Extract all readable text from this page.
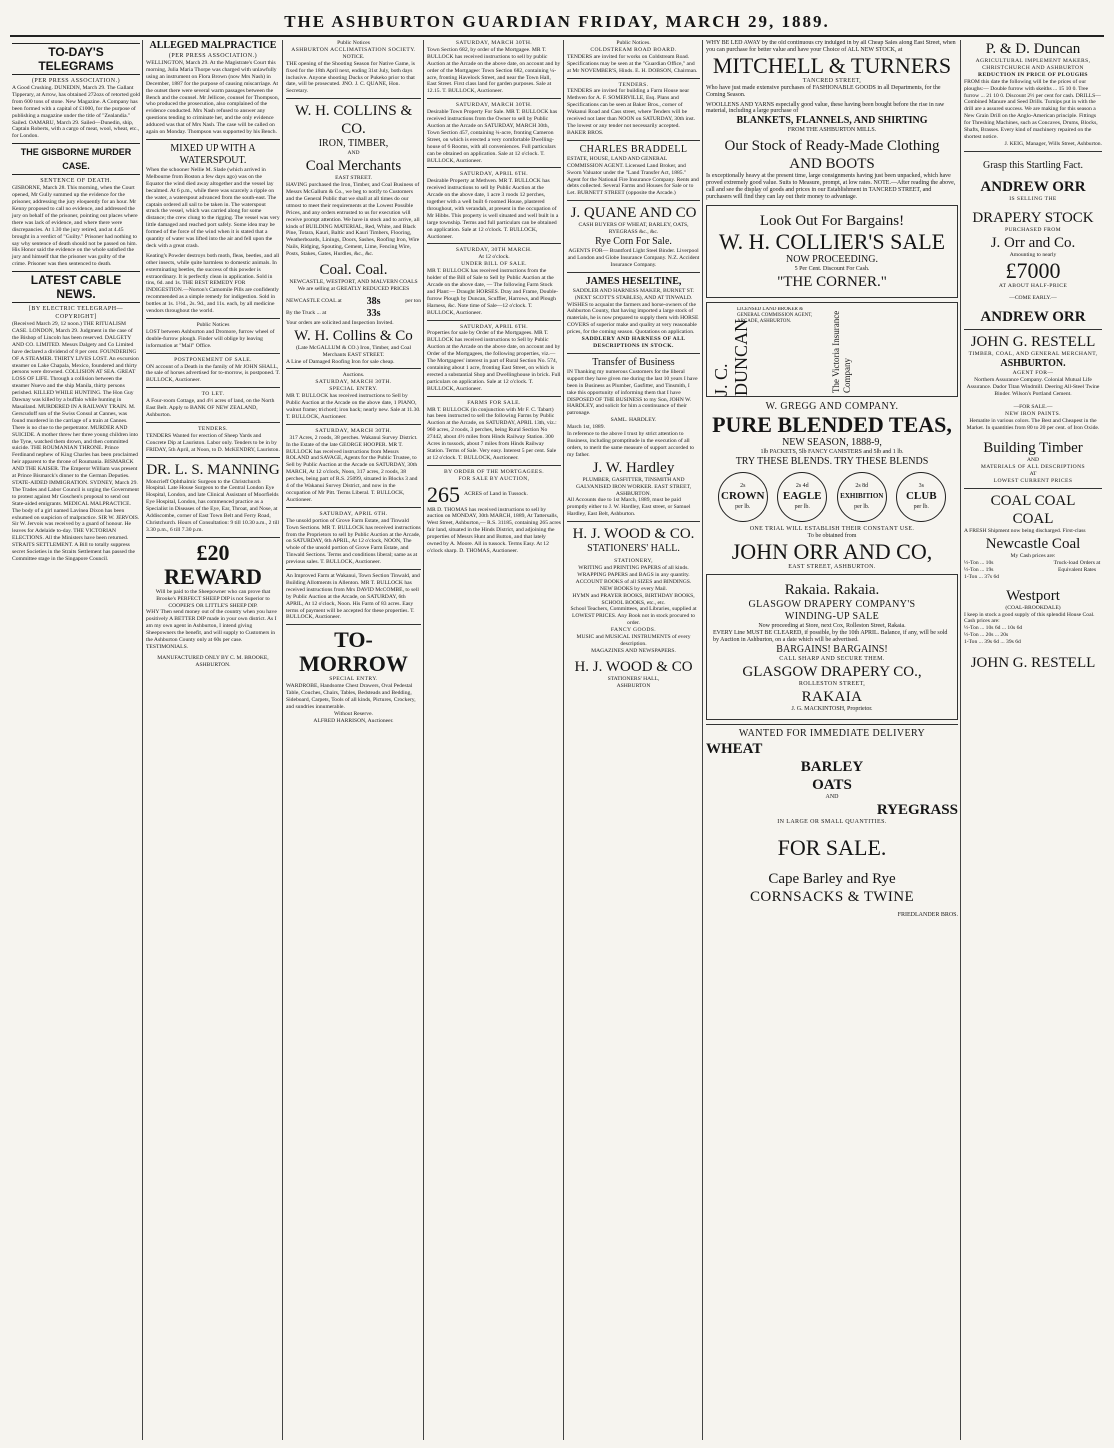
THE ASHBURTON GUARDIAN FRIDAY, MARCH 29, 1889.
TO-DAY'S TELEGRAMS
(PER PRESS ASSOCIATION.)

A Good Crushing. DUNEDIN, March 29. The Gallant Tipperary, at Arrow, has obtained 272ozs of retorted gold from 600 tons of stone. New Magazine. A Company has been formed with a capital of £1000, for the purpose of publishing a magazine under the title of "Zealandia." Sailed. OAMARU, March 29. Sailed—Dunedin, ship, Captain Roberts, with a cargo of meat, wool, wheat, etc., for London.

THE GISBORNE MURDER CASE.
SENTENCE OF DEATH.

GISBORNE, March 28. This morning, when the Court opened, Mr Gully summed up the evidence for the prisoner, addressing the jury eloquently for an hour. Mr Kenny proposed to call no evidence, and addressed the jury on behalf of the prisoner, pointing out places where there was lack of evidence, and where there were discrepancies. At 1.30 the jury retired, and at 4.45 brought in a verdict of "Guilty." Prisoner had nothing to say why sentence of death should not be passed on him. His Honor said the evidence on the whole satisfied the jury and himself that the prisoner was guilty of the crime. Prisoner was then sentenced to death.

LATEST CABLE NEWS.
[BY ELECTRIC TELEGRAPH—COPYRIGHT]

(Received March 29, 12 noon.) THE RITUALISM CASE. LONDON, March 29. Judgment in the case of the Bishop of Lincoln has been reserved. DALGETY AND CO. LIMITED. Messrs Dalgety and Co Limited have declared a dividend of 8 per cent. FOUNDERING OF A STEAMER. THIRTY LIVES LOST. An excursion steamer on Lake Chapala, Mexico, foundered and thirty persons were drowned. COLLISION AT SEA. GREAT LOSS OF LIFE. Through a collision between the steamer Nuevo and the ship Manila, thirty persons perished. KILLED WHILE HUNTING. The Hon Guy Dawnay was killed by a buffalo while hunting in Masailand. MURDERED IN A RAILWAY TRAIN. M. Gerscudoff son of the Swiss Consul at Cannes, was found murdered in the carriage of a train at Cannes. There is no clue to the perpetrator. MURDER AND SUICIDE. A mother threw her three young children into the Tyne, watched them drown, and then committed suicide. THE ROUMANIAN THRONE. Prince Ferdinand nephew of King Charles has been proclaimed heir apparent to the throne of Roumania. BISMARCK AND THE KAISER. The Emperor William was present at Prince Bismarck's dinner to the German Deputies. STATE-AIDED IMMIGRATION. SYDNEY, March 29. The Trades and Labor Council is urging the Government to protest against Mr Goschen's proposal to send out State-aided emigrants. MEDICAL MALPRACTICE. The body of a girl named Lavinea Dixon has been exhumed on suspicion of malpractice. SIR W. JERVOIS. Sir W. Jervois was received by a guard of honour. He leaves for Adelaide to-day. THE VICTORIAN ELECTIONS. All the Ministers have been returned. STRAITS SETTLEMENT. A Bill to totally suppress secret Societies in the Straits Settlement has passed the Committee stage in the Singapore Council.

ALLEGED MALPRACTICE
(PER PRESS ASSOCIATION.)

WELLINGTON, March 29. At the Magistrate's Court this morning, Julia Maria Thorpe was charged with unlawfully using an instrument on Flora Brown (now Mrs Nash) in December, 1887 for the purpose of causing miscarriage. At the outset there were several warm passages between the Bench and the counsel. Mr Jellicoe, counsel for Thompson, who produced the prosecution, also complained of the evidence conducted. Mrs Nash refused to answer any questions tending to criminate her, and the only evidence adduced was that of Mrs Nash. The case will be called on again on Monday. Thompson was supported by his Bench.

MIXED UP WITH A WATERSPOUT.

When the schooner Nellie M. Slade (which arrived in Melbourne from Boston a few days ago) was on the Equator the wind died away altogether and the vessel lay becalmed. At 6 p.m., while there was scarcely a ripple on the water, a waterspout advanced from the south-east. The captain ordered all sail to be taken in. The waterspout struck the vessel, which was carried along for some distance; the crew clung to the rigging. The vessel was very little damaged and reached port safely. Some idea may be formed of the force of the wind when it is stated that a quantity of water was lifted into the air and fell upon the deck with a great crash.

Keating's Powder destroys both moth, fleas, beetles, and all other insects, while quite harmless to domestic animals. In exterminating beetles, the success of this powder is extraordinary. It is perfectly clean in application. Sold in tins, 6d. and 1s. THE BEST REMEDY FOR INDIGESTION.—Norton's Camomile Pills are confidently recommended as a simple remedy for indigestion. Sold in bottles at 1s. 1½d., 2s. 9d., and 11s. each, by all medicine vendors throughout the world.

Public Notices

LOST between Ashburton and Dromore, furrow wheel of double-furrow plough. Finder will oblige by leaving information at "Mail" Office.

POSTPONEMENT OF SALE.

ON account of a Death in the family of Mr JOHN SHALL, the sale of horses advertised for to-morrow, is postponed. T. BULLOCK, Auctioneer.

TO LET.

A Four-room Cottage, and 4½ acres of land, on the North East Belt. Apply to BANK OF NEW ZEALAND, Ashburton.

TENDERS.

TENDERS Wanted for erection of Sheep Yards and Concrete Dip at Lauriston. Labor only. Tenders to be in by FRIDAY, 5th April, at Noon, to D. McKENDRY, Lauriston.

DR. L. S. MANNING

Moncrieff Ophthalmic Surgeon to the Christchurch Hospital. Late House Surgeon to the Central London Eye Hospital, London, and late Clinical Assistant of Moorfields Eye Hospital, London, has commenced practice as a Specialist in Diseases of the Eye, Ear, Throat, and Nose, at Addiscombe, corner of East Town Belt and Ferry Road, Christchurch. Hours of Consultation: 9 till 10.30 a.m., 2 till 3.30 p.m., 6 till 7.30 p.m.

£20 REWARD

Will be paid to the Sheepowner who can prove that Brooke's PERFECT SHEEP DIP is not Superior to COOPER'S OR LITTLE'S SHEEP DIP.

WHY Then send money out of the country when you have positively A BETTER DIP made in your own district. As I am my own agent in Ashburton, I intend giving Sheepowners the benefit, and will supply to Customers in the Ashburton County only at 60s per case. TESTIMONIALS.

MANUFACTURED ONLY BY C. M. BROOKE, ASHBURTON.
Public Notices
ASHBURTON ACCLIMATISATION SOCIETY.
NOTICE.

THE opening of the Shooting Season for Native Game, is fixed for the 18th April next, ending 31st July, both days inclusive. Anyone shooting Ducks or Pukeko prior to that date, will be prosecuted. JNO. J. C. QUANE, Hon. Secretary.

W. H. COLLINS & CO.
IRON, TIMBER,
AND
Coal Merchants
EAST STREET.

HAVING purchased the Iron, Timber, and Coal Business of Messrs McGallum & Co., we beg to notify to Customers and the General Public that we shall at all times do our utmost to meet their requirements at the Lowest Possible Prices, and any orders entrusted to us for execution will receive prompt attention. We have in stock and to arrive, all kinds of BUILDING MATERIAL, Red, White, and Black Pine, Totara, Kauri, Baltic and Kauri Timbers, Flooring, Weatherboards, Linings, Doors, Sashes, Roofing Iron, Wire Nails, Ridging, Spouting, Cement, Lime, Fencing Wire, Posts, Stakes, Gates, Hurdles, &c., &c.

Coal. Coal.
NEWCASTLE, WESTPORT, AND MALVERN COALS
We are selling at GREATLY REDUCED PRICES
NEWCASTLE COAL at 38s	per ton
By the Truck ... at	33s

Your orders are solicited and Inspection Invited.

W. H. Collins & Co
(Late McGALLUM & CO.) Iron, Timber, and Coal Merchants EAST STREET.

A Line of Damaged Roofing Iron for sale cheap.

Auctions.
SATURDAY, MARCH 30TH.
SPECIAL ENTRY.

MR T. BULLOCK has received instructions to Sell by Public Auction at the Arcade on the above date, 1 PIANO, walnut frame; trichord; iron back; nearly new. Sale at 11.30. T. BULLOCK, Auctioneer.

SATURDAY, MARCH 30TH.
317 Acres, 2 roods, 38 perches. Wakanui Survey District.

In the Estate of the late GEORGE HOOPER. MR T. BULLOCK has received instructions from Messrs ROLAND and SAVAGE, Agents for the Public Trustee, to Sell by Public Auction at the Arcade on SATURDAY, 30th MARCH, At 12 o'clock, Noon, 317 acres, 2 roods, 38 perches, being part of R.S. 25099, situated in Blocks 3 and 4 of the Wakanui Survey District, and now in the occupation of Mr Pitt. Terms Liberal. T. BULLOCK, Auctioneer.

SATURDAY, APRIL 6TH.

The unsold portion of Grove Farm Estate, and Tinwald Town Sections. MR T. BULLOCK has received instructions from the Proprietors to sell by Public Auction at the Arcade, on SATURDAY, 6th APRIL, At 12 o'clock, NOON, The whole of the unsold portion of Grove Farm Estate, and Tinwald Sections. Terms and conditions liberal; same as at previous sales. T. BULLOCK, Auctioneer.

An Improved Farm at Wakanui, Town Section Tinwald, and Building Allotments in Allenton. MR T. BULLOCK has received instructions from Mrs DAVID McCOMBE, to sell by Public Auction at the Arcade, on SATURDAY, 6th APRIL, At 12 o'clock, Noon. His Farm of 83 acres. Easy terms of payment will be accepted for these properties. T. BULLOCK, Auctioneer.

TO-MORROW
SPECIAL ENTRY.

WARDROBE, Handsome Chest Drawers, Oval Pedestal Table, Couches, Chairs, Tables, Bedsteads and Bedding, Sideboard, Carpets, Tools of all kinds, Pictures, Crockery, and sundries innumerable.

Without Reserve.
ALFRED HARRISON, Auctioneer.
SATURDAY, MARCH 30TH.

Town Section 682, by order of the Mortgagee. MR T. BULLOCK has received instructions to sell by public Auction at the Arcade on the above date, on account and by order of the Mortgagee: Town Section 682, containing ¼-acre, fronting Havelock Street, and near the Town Hall, East Street. First class land for garden purposes. Sale at 12.15. T. BULLOCK, Auctioneer.

SATURDAY, MARCH 30TH.

Desirable Town Property For Sale. MR T. BULLOCK has received instructions from the Owner to sell by Public Auction at the Arcade on SATURDAY, MARCH 30th, Town Section 457, containing ¼-acre, fronting Cameron Street, on which is erected a very comfortable Dwelling-house of 6 Rooms, with all conveniences. Full particulars can be obtained on application. Sale at 12 o'clock. T. BULLOCK, Auctioneer.

SATURDAY, APRIL 6TH.

Desirable Property at Methven. MR T. BULLOCK has received instructions to sell by Public Auction at the Arcade on the above date, 1 acre 3 roods 12 perches, together with a well built 6 roomed House, plastered throughout, with verandah, at present in the occupation of Mr Hibbs. This property is well situated and well built in a large township. Terms and full particulars can be obtained on application. Sale at 12 o'clock. T. BULLOCK, Auctioneer.

SATURDAY, 30TH MARCH.
At 12 o'clock.
UNDER BILL OF SALE.

MR T. BULLOCK has received instructions from the holder of the Bill of Sale to Sell by Public Auction at the Arcade on the above date, — The following Farm Stock and Plant:— Draught HORSES. Dray and Frame, Double-furrow Plough by Duncan, Scuffler, Harrows, and Plough Harness, &c. Note time of Sale—12 o'clock. T. BULLOCK, Auctioneer.

SATURDAY, APRIL 6TH.

Properties for sale by Order of the Mortgagees. MR T. BULLOCK has received instructions to Sell by Public Auction at the Arcade on the above date, on account and by Order of the Mortgagees, the following properties, viz.— The Mortgagees' interest in part of Rural Section No. 574, containing about 1 acre, fronting East Street, on which is erected a substantial Shop and Dwellinghouse in brick. Full particulars on application. Sale at 12 o'clock. T. BULLOCK, Auctioneer.

FARMS FOR SALE.

MR T. BULLOCK (in conjunction with Mr F. C. Tabart) has been instructed to sell the following Farms by Public Auction at the Arcade, on SATURDAY, APRIL 13th, viz.: 960 acres, 2 roods, 3 perches, being Rural Section No 27442, about 4½ miles from Hinds Railway Station. 300 Acres in tussock, about 7 miles from Hinds Railway Station. Terms of Sale. Very easy. Interest 5 per cent. Sale at 12 o'clock. T. BULLOCK, Auctioneer.

BY ORDER OF THE MORTGAGEES.
FOR SALE BY AUCTION,
265 ACRES of Land in Tussock.

MR D. THOMAS has received instructions to sell by auction on MONDAY, 30th MARCH, 1889, At Tattersalls, West Street, Ashburton,— R.S. 31185, containing 265 acres fair land, situated in the Hinds District, and adjoining the properties of Messrs Hunt and Button, and that lately owned by A. Moore. All in tussock. Terms Easy. At 12 o'clock sharp. D. THOMAS, Auctioneer.

Public Notices.
COLDSTREAM ROAD BOARD.

TENDERS are invited for works on Coldstream Road. Specifications may be seen at the "Guardian Office," and at Mr NOVEMBER'S, Hinds. E. H. DOBSON, Chairman.

TENDERS.

TENDERS are invited for building a Farm House near Methven for A. F. SOMERVILLE, Esq. Plans and Specifications can be seen at Baker Bros., corner of Wakanui Road and Cass street, where Tenders will be received not later than NOON on SATURDAY, 30th inst. The lowest or any tender not necessarily accepted. BAKER BROS.

CHARLES BRADDELL

ESTATE, HOUSE, LAND AND GENERAL COMMISSION AGENT. Licensed Land Broker, and Sworn Valuator under the "Land Transfer Act, 1885." Agent for the National Fire Insurance Company. Rents and debts collected. Several Farms and Houses for Sale or to Let. BURNETT STREET (opposite the Arcade.)

J. QUANE AND CO
CASH BUYERS OF WHEAT, BARLEY, OATS, RYEGRASS &c., &c.
Rye Corn For Sale.

AGENTS FOR— Brantford Light Steel Binder. Liverpool and London and Globe Insurance Company. N.Z. Accident Insurance Company.

JAMES HESELTINE,
SADDLER AND HARNESS MAKER, BURNET ST. (NEXT SCOTT'S STABLES), AND AT TINWALD.

WISHES to acquaint the farmers and horse-owners of the Ashburton County, that having imported a large stock of materials, he is now prepared to supply them with HORSE COVERS of superior make and quality at very reasonable prices, for the coming season. Quotations on application.

SADDLERY AND HARNESS OF ALL DESCRIPTIONS IN STOCK.
Transfer of Business

IN Thanking my numerous Customers for the liberal support they have given me during the last 10 years I have been in Business as Plumber, Gasfitter, and Tinsmith, I take this opportunity of informing them that I have DISPOSED OF THE BUSINESS to my Son, JOHN W. HARDLEY, and solicit for him a continuance of their patronage.

SAML. HARDLEY.
March 1st, 1889.

In reference to the above I trust by strict attention to Business, including promptitude in the execution of all orders, to merit the same measure of support accorded to my father.

J. W. Hardley
PLUMBER, GASFITTER, TINSMITH AND GALVANISED IRON WORKER. EAST STREET, ASHBURTON.

All Accounts due to 1st March, 1889, must be paid promptly either to J. W. Hardley, East street, or Samuel Hardley, East Belt, Ashburton.

H. J. WOOD & CO.
STATIONERS' HALL.
STATIONERY,

WRITING and PRINTING PAPERS of all kinds.

WRAPPING PAPERS and BAGS in any quantity.

ACCOUNT BOOKS of all SIZES and BINDINGS.

NEW BOOKS by every Mail.

HYMN and PRAYER BOOKS, BIRTHDAY BOOKS, SCHOOL BOOKS, etc., etc.

School Teachers, Committees, and Libraries, supplied at LOWEST PRICES. Any Book not in stock procured to order.

FANCY GOODS.

MUSIC and MUSICAL INSTRUMENTS of every description.

MAGAZINES AND NEWSPAPERS.

H. J. WOOD & CO
STATIONERS' HALL,
ASHBURTON

WHY BE LED AWAY by the old continuous cry indulged in by all Cheap Sales along East Street, when you can purchase for better value and have your Choice of ALL NEW STOCK, at

MITCHELL & TURNERS
TANCRED STREET,

Who have just made extensive purchases of FASHIONABLE GOODS in all Departments, for the Coming Season.

WOOLLENS AND YARNS especially good value, these having been bought before the rise in raw material, including a large purchase of

BLANKETS, FLANNELS, AND SHIRTING
FROM THE ASHBURTON MILLS.
Our Stock of Ready-Made Clothing
AND BOOTS

Is exceptionally heavy at the present time, large consignments having just been unpacked, which have proved extremely good value. Suits to Measure, prompt, at low rates. NOTE.—After reading the above, call and see the display of goods and prices in our Establishment in TANCRED STREET, and purchasers will find they can lay out their money to advantage.

Look Out For Bargains!
W. H. COLLIER'S SALE
NOW PROCEEDING.
5 Per Cent. Discount For Cash.
"THE CORNER."
J. C. DUNCAN
LICENSED LAND BROKER & GENERAL COMMISSION AGENT, ARCADE, ASHBURTON.	The Victoria Insurance Company
W. GREGG AND COMPANY.
PURE BLENDED TEAS,
NEW SEASON, 1888-9,
1lb PACKETS, 5lb FANCY CANISTERS and 5lb and 1 lb.
TRY THESE BLENDS. TRY THESE BLENDS
2s
CROWN
per lb. 2s 4d
EAGLE
per lb. 2s 8d
EXHIBITION
per lb. 3s
CLUB
per lb.
ONE TRIAL WILL ESTABLISH THEIR CONSTANT USE.
To be obtained from
JOHN ORR AND CO,
EAST STREET, ASHBURTON.
Rakaia. Rakaia.
GLASGOW DRAPERY COMPANY'S
WINDING-UP SALE
Now proceeding at Store, next Cox, Rolleston Street, Rakaia.
EVERY Line MUST BE CLEARED, if possible, by the 10th APRIL. Balance, if any, will be sold by Auction in Ashburton, on a date which will be advertised.
BARGAINS! BARGAINS!
CALL SHARP AND SECURE THEM.
GLASGOW DRAPERY CO.,
ROLLESTON STREET,
RAKAIA
J. G. MACKINTOSH, Proprietor.
WANTED FOR IMMEDIATE DELIVERY
WHEAT
BARLEY
OATS
AND
RYEGRASS
IN LARGE OR SMALL QUANTITIES.
FOR SALE.
Cape Barley and Rye
CORNSACKS & TWINE
FRIEDLANDER BROS.
P. & D. Duncan
AGRICULTURAL IMPLEMENT MAKERS, CHRISTCHURCH AND ASHBURTON
REDUCTION IN PRICE OF PLOUGHS

FROM this date the following will be the prices of our ploughs:— Double furrow with skeiths ... 15 10 0. Tree furrow ... 21 10 0. Discount 2½ per cent for cash. DRILLS—Combined Manure and Seed Drills. Turnips put in with the drill are a assured success. We are making for this season a New Grain Drill on the Anglo-American principle. Fittings for Threshing Machines, such as Concaves, Drums, Blocks, Shafts, Brasses. Every kind of machinery repaired on the shortest notice.

J. KEIG, Manager, Wills Street, Ashburton.
Grasp this Startling Fact.
ANDREW ORR
IS SELLING THE
DRAPERY STOCK
PURCHASED FROM
J. Orr and Co.
Amounting to nearly
£7000
AT ABOUT HALF-PRICE
—COME EARLY.—
ANDREW ORR
JOHN G. RESTELL
TIMBER, COAL, AND GENERAL MERCHANT,
ASHBURTON.
AGENT FOR—

Northern Assurance Company. Colonial Mutual Life Assurance. Dador Titan Windmill. Deering All-Steel Twine Binder. Wilson's Portland Cement.

—FOR SALE.—
NEW IRON PAINTS.

Hematite in various colors. The Best and Cheapest in the Market. In quantities from 80 to 20 per cent. of Iron Oxide.

Building Timber
AND
MATERIALS OF ALL DESCRIPTIONS
AT
LOWEST CURRENT PRICES
COAL COAL
COAL

A FRESH Shipment now being discharged. First-class

Newcastle Coal
My Cash prices are:
½-Ton ... 10s
½-Ton ... 19s
1-Ton ... 37s 6d
Truck-load Orders at Equivalent Rates
Westport
(COAL-BROOKDALE)

I keep in stock a good supply of this splendid House Coal. Cash prices are:

½-Ton ... 10s 6d ... 10s 6d
½-Ton ... 20s ... 20s
1-Ton ... 39s 6d ... 39s 6d
JOHN G. RESTELL
